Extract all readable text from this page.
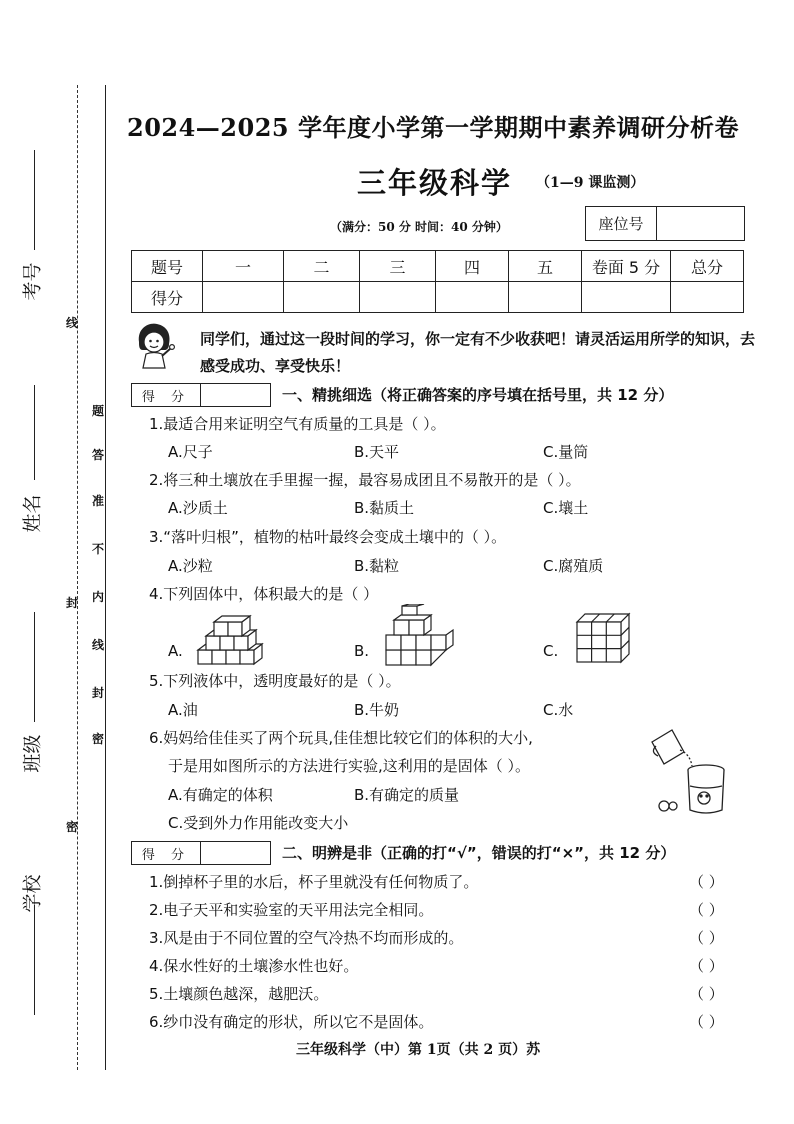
考号
姓名
班级
学校
线
题
答
准
不
内
封
线
封
密
密
2024—2025 学年度小学第一学期期中素养调研分析卷
三年级科学 （1—9 课监测）
（满分：50 分 时间：40 分钟）	座位号
题号	一	二	三	四	五	卷面 5 分	总分
得分							
同学们，通过这一段时间的学习，你一定有不少收获吧！请灵活运用所学的知识，去感受成功、享受快乐！
得 分	一、精挑细选（将正确答案的序号填在括号里，共 12 分）
1.最适合用来证明空气有质量的工具是（ ）。
A.尺子	B.天平	C.量筒
2.将三种土壤放在手里握一握，最容易成团且不易散开的是（ ）。
A.沙质土	B.黏质土	C.壤土
3.“落叶归根”，植物的枯叶最终会变成土壤中的（ ）。
A.沙粒	B.黏粒	C.腐殖质
4.下列固体中，体积最大的是（ ）
A.	B.	C.
5.下列液体中，透明度最好的是（ ）。
A.油	B.牛奶	C.水
6.妈妈给佳佳买了两个玩具,佳佳想比较它们的体积的大小,
于是用如图所示的方法进行实验,这利用的是固体（ ）。
A.有确定的体积	B.有确定的质量
C.受到外力作用能改变大小
得 分	二、明辨是非（正确的打“√”，错误的打“×”，共 12 分）
1.倒掉杯子里的水后，杯子里就没有任何物质了。	（ ）
2.电子天平和实验室的天平用法完全相同。	（ ）
3.风是由于不同位置的空气冷热不均而形成的。	（ ）
4.保水性好的土壤渗水性也好。	（ ）
5.土壤颜色越深，越肥沃。	（ ）
6.纱巾没有确定的形状，所以它不是固体。	（ ）
三年级科学（中）第 1页（共 2 页）苏
